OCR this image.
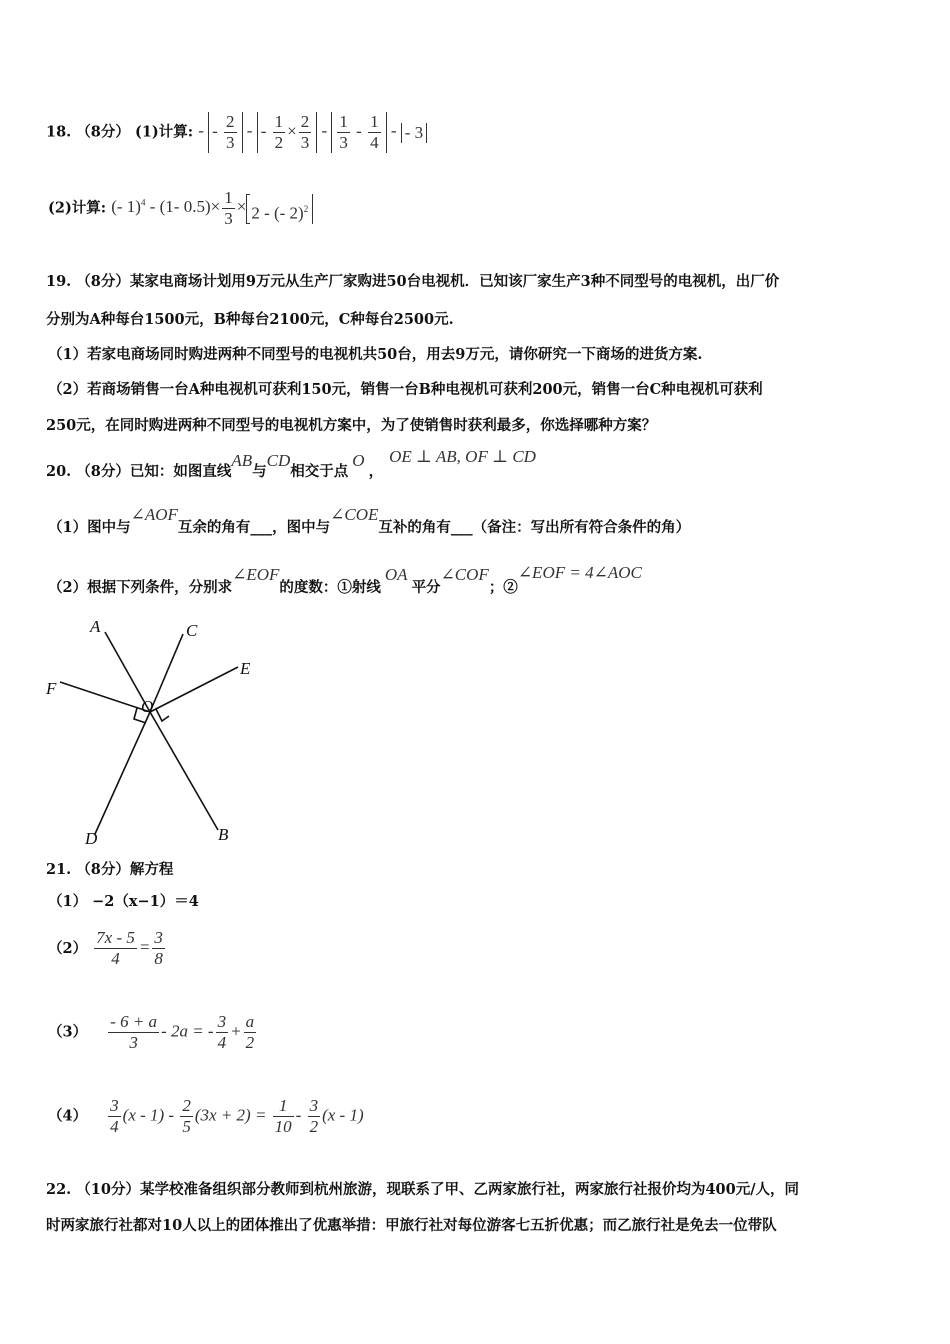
18. （8分） (1)计算: - - $\frac{2}{3}$ - - $\frac{1}{2} \times \frac{2}{3} - \frac{1}{3} - \frac{1}{4}$ - - 3
(2)计算: (- 1)$^4$ - (1- $0.5)\times \frac{1}{3} \times 2$ - (- 2)$^2$
19. （8分）某家电商场计划用9万元从生产厂家购进50台电视机．已知该厂家生产3种不同型号的电视机，出厂价
分别为A种每台1500元，B种每台2100元，C种每台2500元.
（1）若家电商场同时购进两种不同型号的电视机共50台，用去9万元，请你研究一下商场的进货方案.
（2）若商场销售一台A种电视机可获利150元，销售一台B种电视机可获利200元，销售一台C种电视机可获利
250元，在同时购进两种不同型号的电视机方案中，为了使销售时获利最多，你选择哪种方案？
20. （8分）已知：如图直线AB与CD相交于点O，OE ⊥ AB, OF ⊥ CD
（1）图中与∠AOF互余的角有___，图中与∠COE互补的角有___（备注：写出所有符合条件的角）
（2）根据下列条件，分别求∠EOF的度数：①射线OA平分∠COF；②∠EOF = 4∠AOC
A	C
E
F
O
D	B
21. （8分）解方程
（1） −2（x−1）＝4
$(2) \frac{7x - 5}{4} = \frac{3}{8}$
$(3) \frac{- 6 + a}{3} - 2a$ = - $\frac{3}{4} + \frac{a}{2}$
$(4) \frac{3}{4} (x - 1) - \frac{2}{5} (3x + 2) = \frac{1}{10} - \frac{3}{2} (x - 1)$
22. （10分）某学校准备组织部分教师到杭州旅游，现联系了甲、乙两家旅行社，两家旅行社报价均为400元/人，同
时两家旅行社都对10人以上的团体推出了优惠举措：甲旅行社对每位游客七五折优惠；而乙旅行社是免去一位带队
